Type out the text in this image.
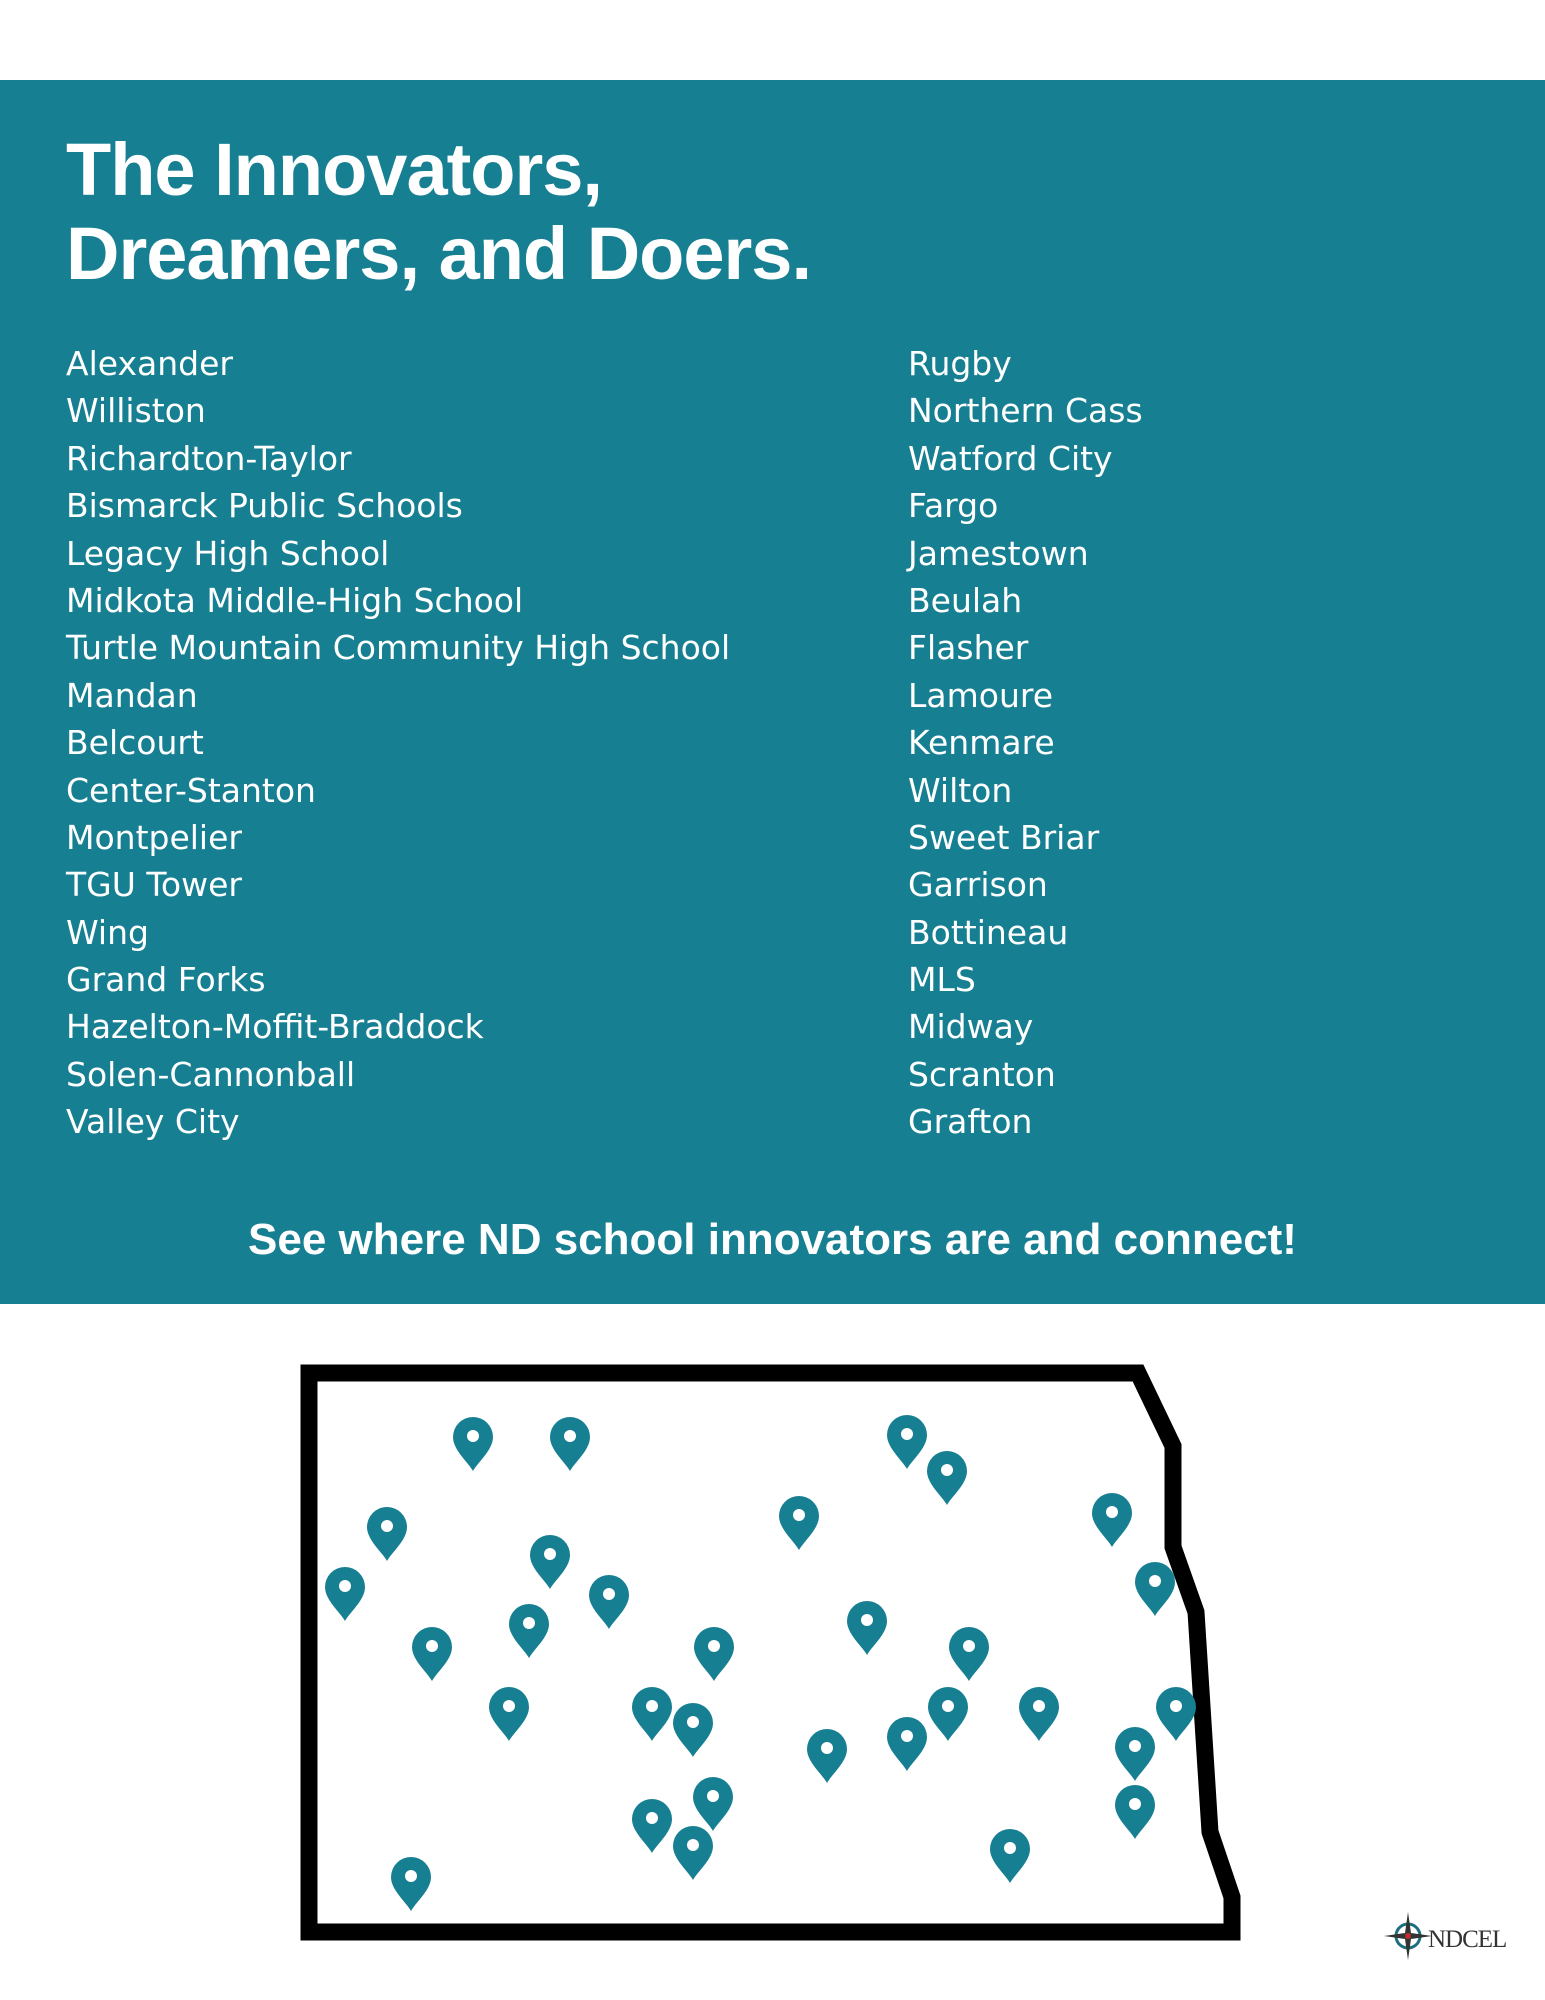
The Innovators,
Dreamers, and Doers.
Alexander
Williston
Richardton-Taylor
Bismarck Public Schools
Legacy High School
Midkota Middle-High School
Turtle Mountain Community High School
Mandan
Belcourt
Center-Stanton
Montpelier
TGU Tower
Wing
Grand Forks
Hazelton-Moffit-Braddock
Solen-Cannonball
Valley City
Rugby
Northern Cass
Watford City
Fargo
Jamestown
Beulah
Flasher
Lamoure
Kenmare
Wilton
Sweet Briar
Garrison
Bottineau
MLS
Midway
Scranton
Grafton
See where ND school innovators are and connect!
NDCEL
